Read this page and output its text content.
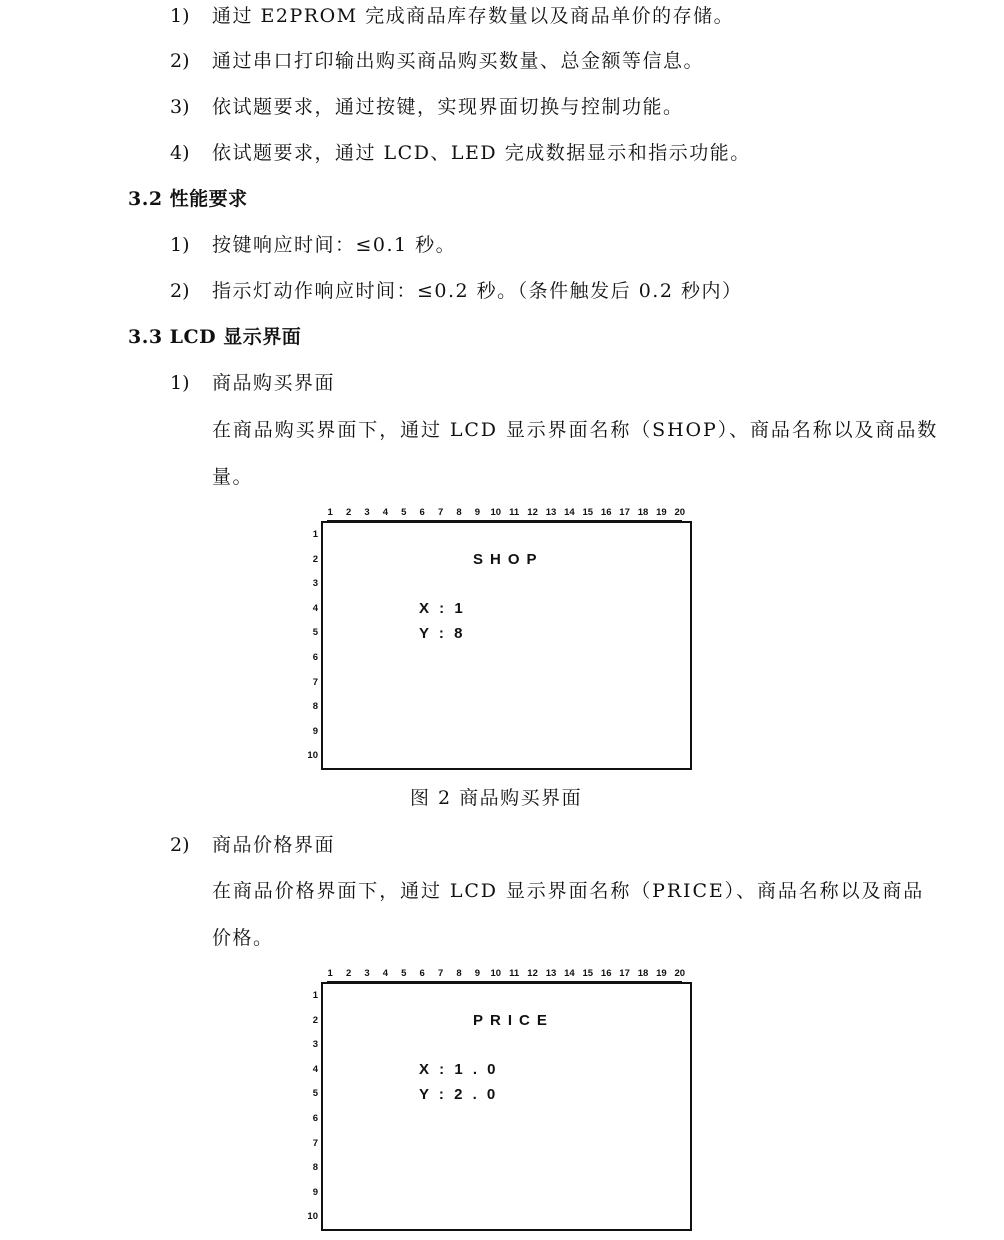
1) 通过 E2PROM 完成商品库存数量以及商品单价的存储。
2) 通过串口打印输出购买商品购买数量、总金额等信息。
3) 依试题要求，通过按键，实现界面切换与控制功能。
4) 依试题要求，通过 LCD、LED 完成数据显示和指示功能。
3.2 性能要求
1) 按键响应时间：≤0.1 秒。
2) 指示灯动作响应时间：≤0.2 秒。（条件触发后 0.2 秒内）
3.3 LCD 显示界面
1) 商品购买界面
在商品购买界面下，通过 LCD 显示界面名称（SHOP）、商品名称以及商品数
量。
1	2	3	4	5	6	7	8	9	10 11 12 13 14 15 16 17 18 19 20
1
2
3
4
5
6
7
8
9
10
SHOP
X : 1
Y : 8
图 2 商品购买界面
2) 商品价格界面
在商品价格界面下，通过 LCD 显示界面名称（PRICE）、商品名称以及商品
价格。
1	2	3	4	5	6	7	8	9	10 11 12 13 14 15 16 17 18 19 20
1
2
3
4
5
6
7
8
9
10
PRICE
X : 1 . 0
Y : 2 . 0
